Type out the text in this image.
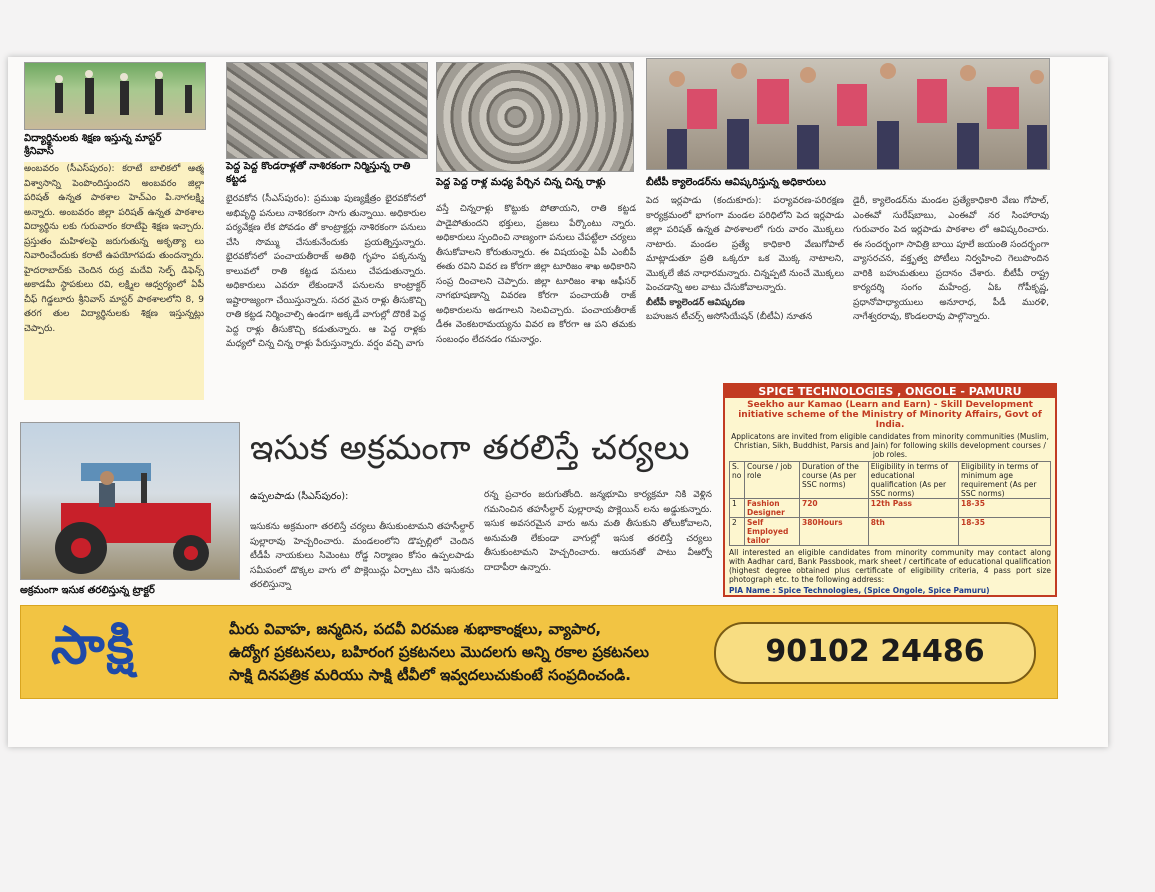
విద్యార్థినులకు శిక్షణ ఇస్తున్న మాస్టర్ శ్రీనివాస్
పెద్ద పెద్ద కొండరాళ్లతో నాశిరకంగా నిర్మిస్తున్న రాతి కట్టడ	పెద్ద పెద్ద రాళ్ల మధ్య పేర్చిన చిన్న చిన్న రాళ్లు	బీటీపీ క్యాలెండర్‌ను ఆవిష్కరిస్తున్న అధికారులు
అంబవరం (సీఎస్‌పురం): కరాటే బాలికలో ఆత్మ విశ్వాసాన్ని పెంపొందిస్తుందని అంబవరం జిల్లా పరిషత్ ఉన్నత పాఠశాల హెచ్‌ఎం పి.నాగలక్ష్మి అన్నారు. అంబవరం జిల్లా పరిషత్ ఉన్నత పాఠశాల విద్యార్థిను లకు గురువారం కరాటేపై శిక్షణ ఇచ్చారు. ప్రస్తుతం మహిళలపై జరుగుతున్న అకృత్యా లు నివారించేందుకు కరాటే ఉపయోగపడు తుందన్నారు. హైదరాబాద్‌కు చెందిన రుద్ర మదేవి సెల్ఫ్ డిఫెన్స్ అకాడమీ స్థాపకులు రవి, లక్ష్మిల ఆధ్వర్యంలో ఏపీ చీఫ్ గిడ్డలూరు శ్రీనివాస్ మాస్టర్ పాఠశాలలోని 8, 9 తరగ తుల విద్యార్థినులకు శిక్షణ ఇస్తున్నట్లు చెప్పారు.
భైరవకోన (సీఎస్‌పురం): ప్రముఖ పుణ్యక్షేత్రం భైరవకోనలో అభివృద్ధి పనులు నాశిరకంగా సాగు తున్నాయి. అధికారుల పర్యవేక్షణ లేక పోవడం తో కాంట్రాక్టర్లు నాశిరకంగా పనులు చేసి సొమ్ము చేసుకునేందుకు ప్రయత్నిస్తున్నారు. భైరవకోనలో పంచాయతీరాజ్ అతిథి గృహం పక్కనున్న కాలువలో రాతి కట్టడ పనులు చేపడుతున్నారు. అధికారులు ఎవరూ లేకుండానే పనులను కాంట్రాక్టర్ ఇష్టారాజ్యంగా చేయిస్తున్నారు. సదర మైన రాళ్లు తీసుకొచ్చి రాతి కట్టడ నిర్మించాల్సి ఉండగా అక్కడే వాగుల్లో దొరికే పెద్ద పెద్ద రాళ్లు తీసుకొచ్చి కడుతున్నారు. ఆ పెద్ద రాళ్లకు మధ్యలో చిన్న చిన్న రాళ్లు పేరుస్తున్నారు. వర్షం వచ్చి వాగు
వస్తే చిన్నరాళ్లు కొట్టుకు పోతాయని, రాతి కట్టడ పాడైపోతుందని భక్తులు, ప్రజలు పేర్కొంటు న్నారు. అధికారులు స్పందించి నాణ్యంగా పనులు చేపట్టేలా చర్యలు తీసుకోవాలని కోరుతున్నారు. ఈ విషయంపై ఏపీ ఎంబీపీ ఈతు రవిని వివర ణ కోరగా జిల్లా టూరిజం శాఖ అధికారిని సంప్ర దించాలని చెప్పారు. జిల్లా టూరిజం శాఖ ఆఫీసర్ నాగభూషణాన్ని వివరణ కోరగా పంచాయతీ రాజ్ అధికారులను అడగాలని సెలవిచ్చారు. పంచాయతీరాజ్ డీఈ వెంకటరామయ్యను వివర ణ కోరగా ఆ పని తమకు సంబంధం లేదనడం గమనార్హం.
పెద ఇర్లపాడు (కందుకూరు): పర్యావరణ-పరిరక్షణ కార్యక్రమంలో భాగంగా మండల పరిధిలోని పెద ఇర్లపాడు జిల్లా పరిషత్ ఉన్నత పాఠశాలలో గురు వారం మొక్కలు నాటారు. మండల ప్రత్యే కాధికారి వేణుగోపాల్ మాట్లాడుతూ ప్రతి ఒక్కరూ ఒక మొక్క నాటాలని, మొక్కలే జీవ నాధారమన్నారు. చిన్నప్పటి నుంచే మొక్కలు పెంచడాన్ని అల వాటు చేసుకోవాలన్నారు.
బీటీపీ క్యాలెండర్ ఆవిష్కరణ
బహుజన టీచర్స్ అసోసియేషన్ (బీటీఏ) నూతన
డైరీ, క్యాలెండర్‌ను మండల ప్రత్యేకాధికారి వేణు గోపాల్, ఎంఈవో సురేష్‌బాబు, ఎంఈవో నర సింహారావు గురువారం పెద ఇర్లపాడు పాఠశాల లో ఆవిష్కరించారు. ఈ సందర్భంగా సావిత్రి బాయి పూలే జయంతి సందర్భంగా వ్యాసరచన, వక్తృత్వ పోటీలు నిర్వహించి గెలుపొందిన వారికి బహుమతులు ప్రదానం చేశారు. బీటీపీ రాష్ట్ర కార్యదర్శి సంగం మహేంద్ర, ఏఓ గోపీకృష్ణ, ప్రధానోపాధ్యాయులు అనూరాధ, పీడీ మురళి, నాగేశ్వరరావు, కొండలరావు పాల్గొన్నారు.
అక్రమంగా ఇసుక తరలిస్తున్న ట్రాక్టర్
ఇసుక అక్రమంగా తరలిస్తే చర్యలు
ఉప్పలపాడు (సీఎస్‌పురం):
ఇసుకను అక్రమంగా తరలిస్తే చర్యలు తీసుకుంటామని తహసీల్దార్ పుల్లారావు హెచ్చరించారు. మండలంలోని డొప్పల్లిలో చెందిన టీడీపీ నాయకులు సిమెంటు రోడ్డ నిర్మాణం కోసం ఉప్పలపాడు సమీపంలో డొక్కల వాగు లో పొక్లెయిన్లు ఏర్పాటు చేసి ఇసుకను తరలిస్తున్నా
రన్న ప్రచారం జరుగుతోంది. జన్మభూమి కార్యక్రమా నికి వెళ్లిన గమనించిన తహసీల్దార్ పుల్లారావు పొక్లెయిన్ లను అడ్డుకున్నారు. ఇసుక అవసరమైన వారు అను మతి తీసుకుని తోలుకోవాలని, అనుమతి లేకుండా వాగుల్లో ఇసుక తరలిస్తే చర్యలు తీసుకుంటామని హెచ్చరించారు. ఆయనతో పాటు వీఆర్వో దాదాపీరా ఉన్నారు.
SPICE TECHNOLOGIES , ONGOLE - PAMURU
Seekho aur Kamao (Learn and Earn) - Skill Development initiative scheme of the Ministry of Minority Affairs, Govt of India.
Applicatons are invited from eligible candidates from minority communities (Muslim, Christian, Sikh, Buddhist, Parsis and Jain) for following skills development courses / job roles.
S. no	Course / job role	Duration of the course (As per SSC norms)	Eligibility in terms of educational qualification (As per SSC norms)	Eligibility in terms of minimum age requirement (As per SSC norms)
1	Fashion Designer	720	12th Pass	18-35
2	Self Employed tailor	380Hours	8th	18-35
All interested an eligible candidates from minority community may contact along with Aadhar card, Bank Passbook, mark sheet / certificate of educational qualification (highest degree obtained plus certificate of eligibility criteria, 4 pass port size photograph etc. to the following address:
PIA Name : Spice Technologies, (Spice Ongole, Spice Pamuru)
సాక్షి	మీరు వివాహ, జన్మదిన, పదవీ విరమణ శుభాకాంక్షలు, వ్యాపార,
ఉద్యోగ ప్రకటనలు, బహిరంగ ప్రకటనలు మొదలగు అన్ని రకాల ప్రకటనలు
సాక్షి దినపత్రిక మరియు సాక్షి టీవీలో ఇవ్వదలుచుకుంటే సంప్రదించండి.
90102 24486
